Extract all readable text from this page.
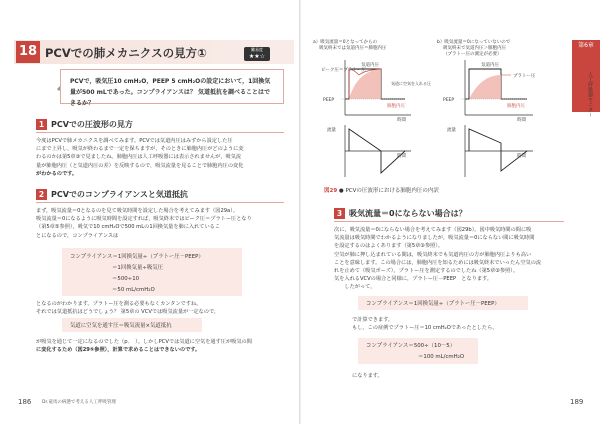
18 PCVでの肺メカニクスの見方①	難易度
★★☆
PCVで，吸気圧10 cmH₂O，PEEP 5 cmH₂Oの設定において，1回換気量が500 mLであった。コンプライアンスは？ 気道抵抗を調べることはできるか？
1 PCVでの圧波形の見方
今度はPCVで肺メカニクスを調べてみます。PCVでは気道内圧はみずから設定した圧
にまで上昇し，吸気が終わるまで一定を保ちますが，そのときに肺胞内圧がどのように変
わるのかは第5章③で見ましたね。肺胞内圧は人工呼吸器には表示されませんが，吸気流
量が肺胞内圧（と気道内圧の差）を反映するので，吸気流量を見ることで肺胞内圧の変化
がわかるのです。
2 PCVでのコンプライアンスと気道抵抗
まず，吸気流量＝0となるのを見て吸気時間を設定した場合を考えてみます（図29a）。
吸気流量＝0になるように吸気時間を設定すれば，吸気終末ではピーク圧＝プラトー圧となり
（第5章⑤参照），吸気で10 cmH₂Oで500 mLの1回換気量を肺に入れているこ
とになるので，コンプライアンスは
コンプライアンス＝1回換気量÷（プラトー圧－PEEP）
＝1回換気量÷吸気圧
＝500÷10
＝50 mL/cmH₂O
となるのがわかります。プラトー圧を測る必要もなくカンタンですね。
それでは気道抵抗はどうでしょう？ 第5章の VCVでは吸気流量が一定なので，
気道に空気を通す圧＝吸気流量×気道抵抗
が吸気を通じて一定になるのでした（p．　）。しかしPCVでは気道に空気を通す圧が吸気の間
に変化するため（図29⑤参照），計算で求めることはできないのです。
186 Dr.竜馬の病態で考える人工呼吸管理
第6章
人工呼吸器モニター
a）吸気流量＝0となってからの
吸気終末では気道内圧＝肺胞内圧
b）吸気流量＝0になっていないので
吸気終末で気道内圧＞肺胞内圧
（プラトー圧の測定が必要）
ピーク圧＝プラトー圧
気道内圧
気道に空気を入れる圧
肺胞内圧
PEEP
時間
流量
時間
気道内圧
プラトー圧
肺胞内圧
PEEP
時間
流量
時間
図29 ● PCVの圧波形における肺胞内圧の内訳
3 吸気流量＝0にならない場合は？
次に，吸気流量＝0にならない場合を考えてみます（図29b）。図中吸気時間の間に吸
気流量は吸気時間でわかるようになりましたが，吸気流量＝0にならない間に吸気時間
を設定するのはよくあります（第5章③参照）。
空気が肺に押し込まれている間は，吸気終末でも気道内圧の方が肺胞内圧よりも高い
ことを意味します。この場合には，肺胞内圧を知るためには吸気終末でいったん空気の流
れを止めて（吸気ポーズ），プラトー圧を測定するのでしたね（第5章③参照）。
気を入れるVCVの場合と同様に，プラトー圧－PEEP　となります。
　　したがって，
コンプライアンス＝1回換気量÷（プラトー圧－PEEP）
で計算できます。
もし，この症例でプラトー圧＝10 cmH₂Oであったとしたら，
コンプライアンス＝500÷（10－5）
＝100 mL/cmH₂O
になります。
189
